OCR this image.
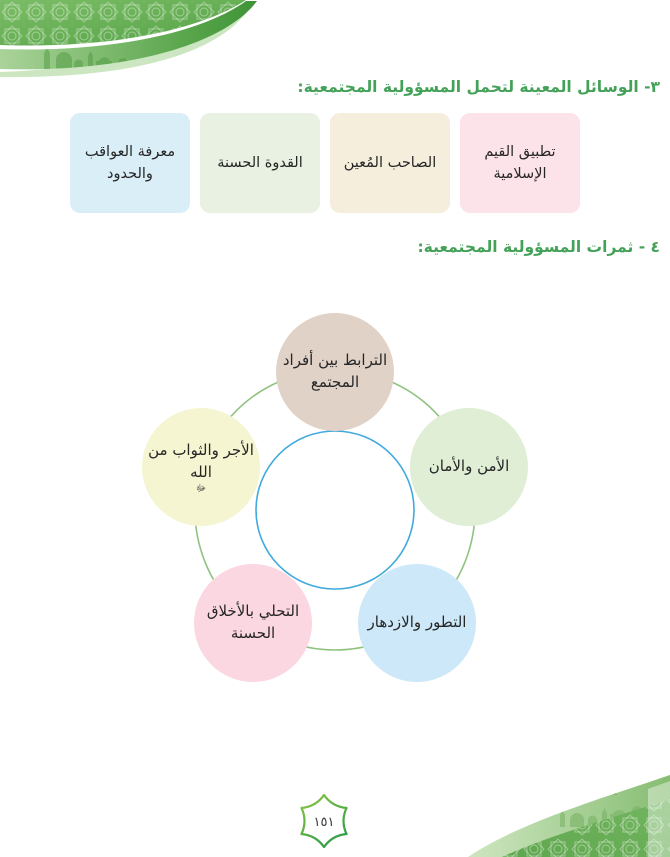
٣- الوسائل المعينة لتحمل المسؤولية المجتمعية:
تطبيق القيم الإسلامية
الصاحب المُعين
القدوة الحسنة
معرفة العواقب والحدود
٤ - ثمرات المسؤولية المجتمعية:
الترابط بين أفراد المجتمع
الأمن والأمان
الأجر والثواب من الله
ﷻ
التحلي بالأخلاق الحسنة
التطور والازدهار
١٥١
